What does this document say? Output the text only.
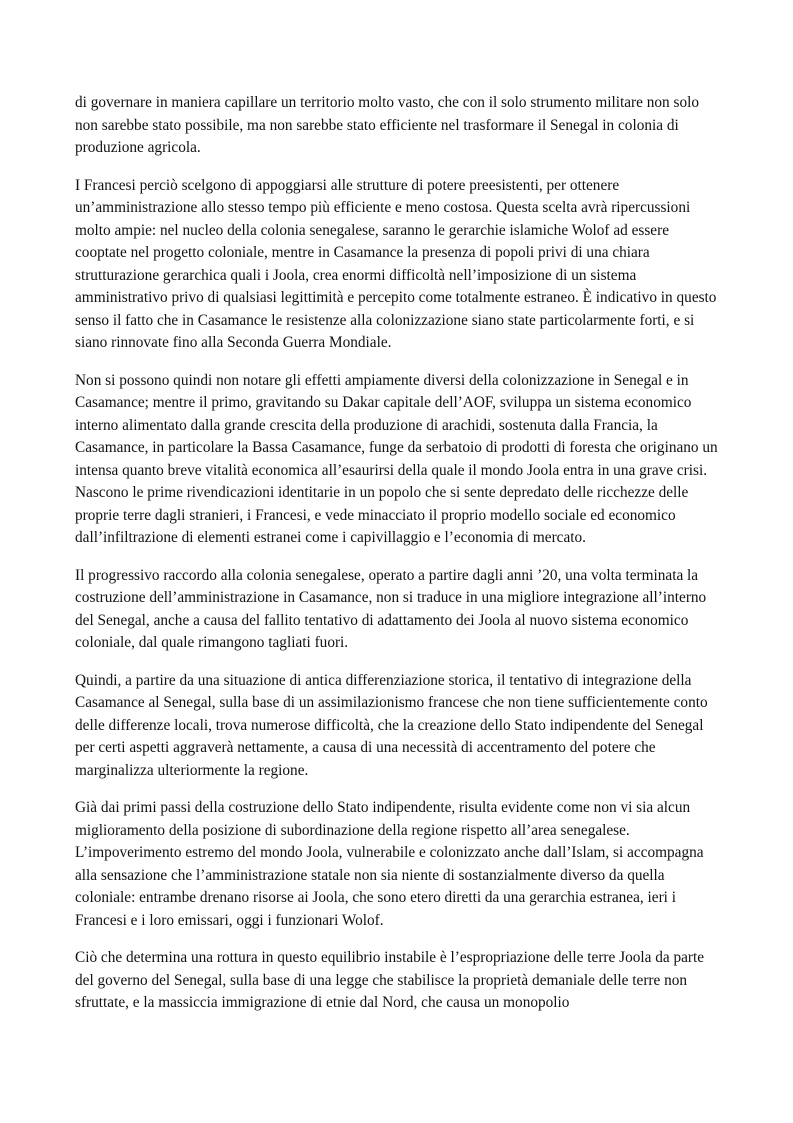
di governare in maniera capillare un territorio molto vasto, che con il solo strumento militare non solo non sarebbe stato possibile, ma non sarebbe stato efficiente nel trasformare il Senegal in colonia di produzione agricola.

I Francesi perciò scelgono di appoggiarsi alle strutture di potere preesistenti, per ottenere un’amministrazione allo stesso tempo più efficiente e meno costosa. Questa scelta avrà ripercussioni molto ampie: nel nucleo della colonia senegalese, saranno le gerarchie islamiche Wolof ad essere cooptate nel progetto coloniale, mentre in Casamance la presenza di popoli privi di una chiara strutturazione gerarchica quali i Joola, crea enormi difficoltà nell’imposizione di un sistema amministrativo privo di qualsiasi legittimità e percepito come totalmente estraneo. È indicativo in questo senso il fatto che in Casamance le resistenze alla colonizzazione siano state particolarmente forti, e si siano rinnovate fino alla Seconda Guerra Mondiale.

Non si possono quindi non notare gli effetti ampiamente diversi della colonizzazione in Senegal e in Casamance; mentre il primo, gravitando su Dakar capitale dell’AOF, sviluppa un sistema economico interno alimentato dalla grande crescita della produzione di arachidi, sostenuta dalla Francia, la Casamance, in particolare la Bassa Casamance, funge da serbatoio di prodotti di foresta che originano un intensa quanto breve vitalità economica all’esaurirsi della quale il mondo Joola entra in una grave crisi. Nascono le prime rivendicazioni identitarie in un popolo che si sente depredato delle ricchezze delle proprie terre dagli stranieri, i Francesi, e vede minacciato il proprio modello sociale ed economico dall’infiltrazione di elementi estranei come i capivillaggio e l’economia di mercato.

Il progressivo raccordo alla colonia senegalese, operato a partire dagli anni ’20, una volta terminata la costruzione dell’amministrazione in Casamance, non si traduce in una migliore integrazione all’interno del Senegal, anche a causa del fallito tentativo di adattamento dei Joola al nuovo sistema economico coloniale, dal quale rimangono tagliati fuori.

Quindi, a partire da una situazione di antica differenziazione storica, il tentativo di integrazione della Casamance al Senegal, sulla base di un assimilazionismo francese che non tiene sufficientemente conto delle differenze locali, trova numerose difficoltà, che la creazione dello Stato indipendente del Senegal per certi aspetti aggraverà nettamente, a causa di una necessità di accentramento del potere che marginalizza ulteriormente la regione.

Già dai primi passi della costruzione dello Stato indipendente, risulta evidente come non vi sia alcun miglioramento della posizione di subordinazione della regione rispetto all’area senegalese. L’impoverimento estremo del mondo Joola, vulnerabile e colonizzato anche dall’Islam, si accompagna alla sensazione che l’amministrazione statale non sia niente di sostanzialmente diverso da quella coloniale: entrambe drenano risorse ai Joola, che sono etero diretti da una gerarchia estranea, ieri i Francesi e i loro emissari, oggi i funzionari Wolof.

Ciò che determina una rottura in questo equilibrio instabile è l’espropriazione delle terre Joola da parte del governo del Senegal, sulla base di una legge che stabilisce la proprietà demaniale delle terre non sfruttate, e la massiccia immigrazione di etnie dal Nord, che causa un monopolio
